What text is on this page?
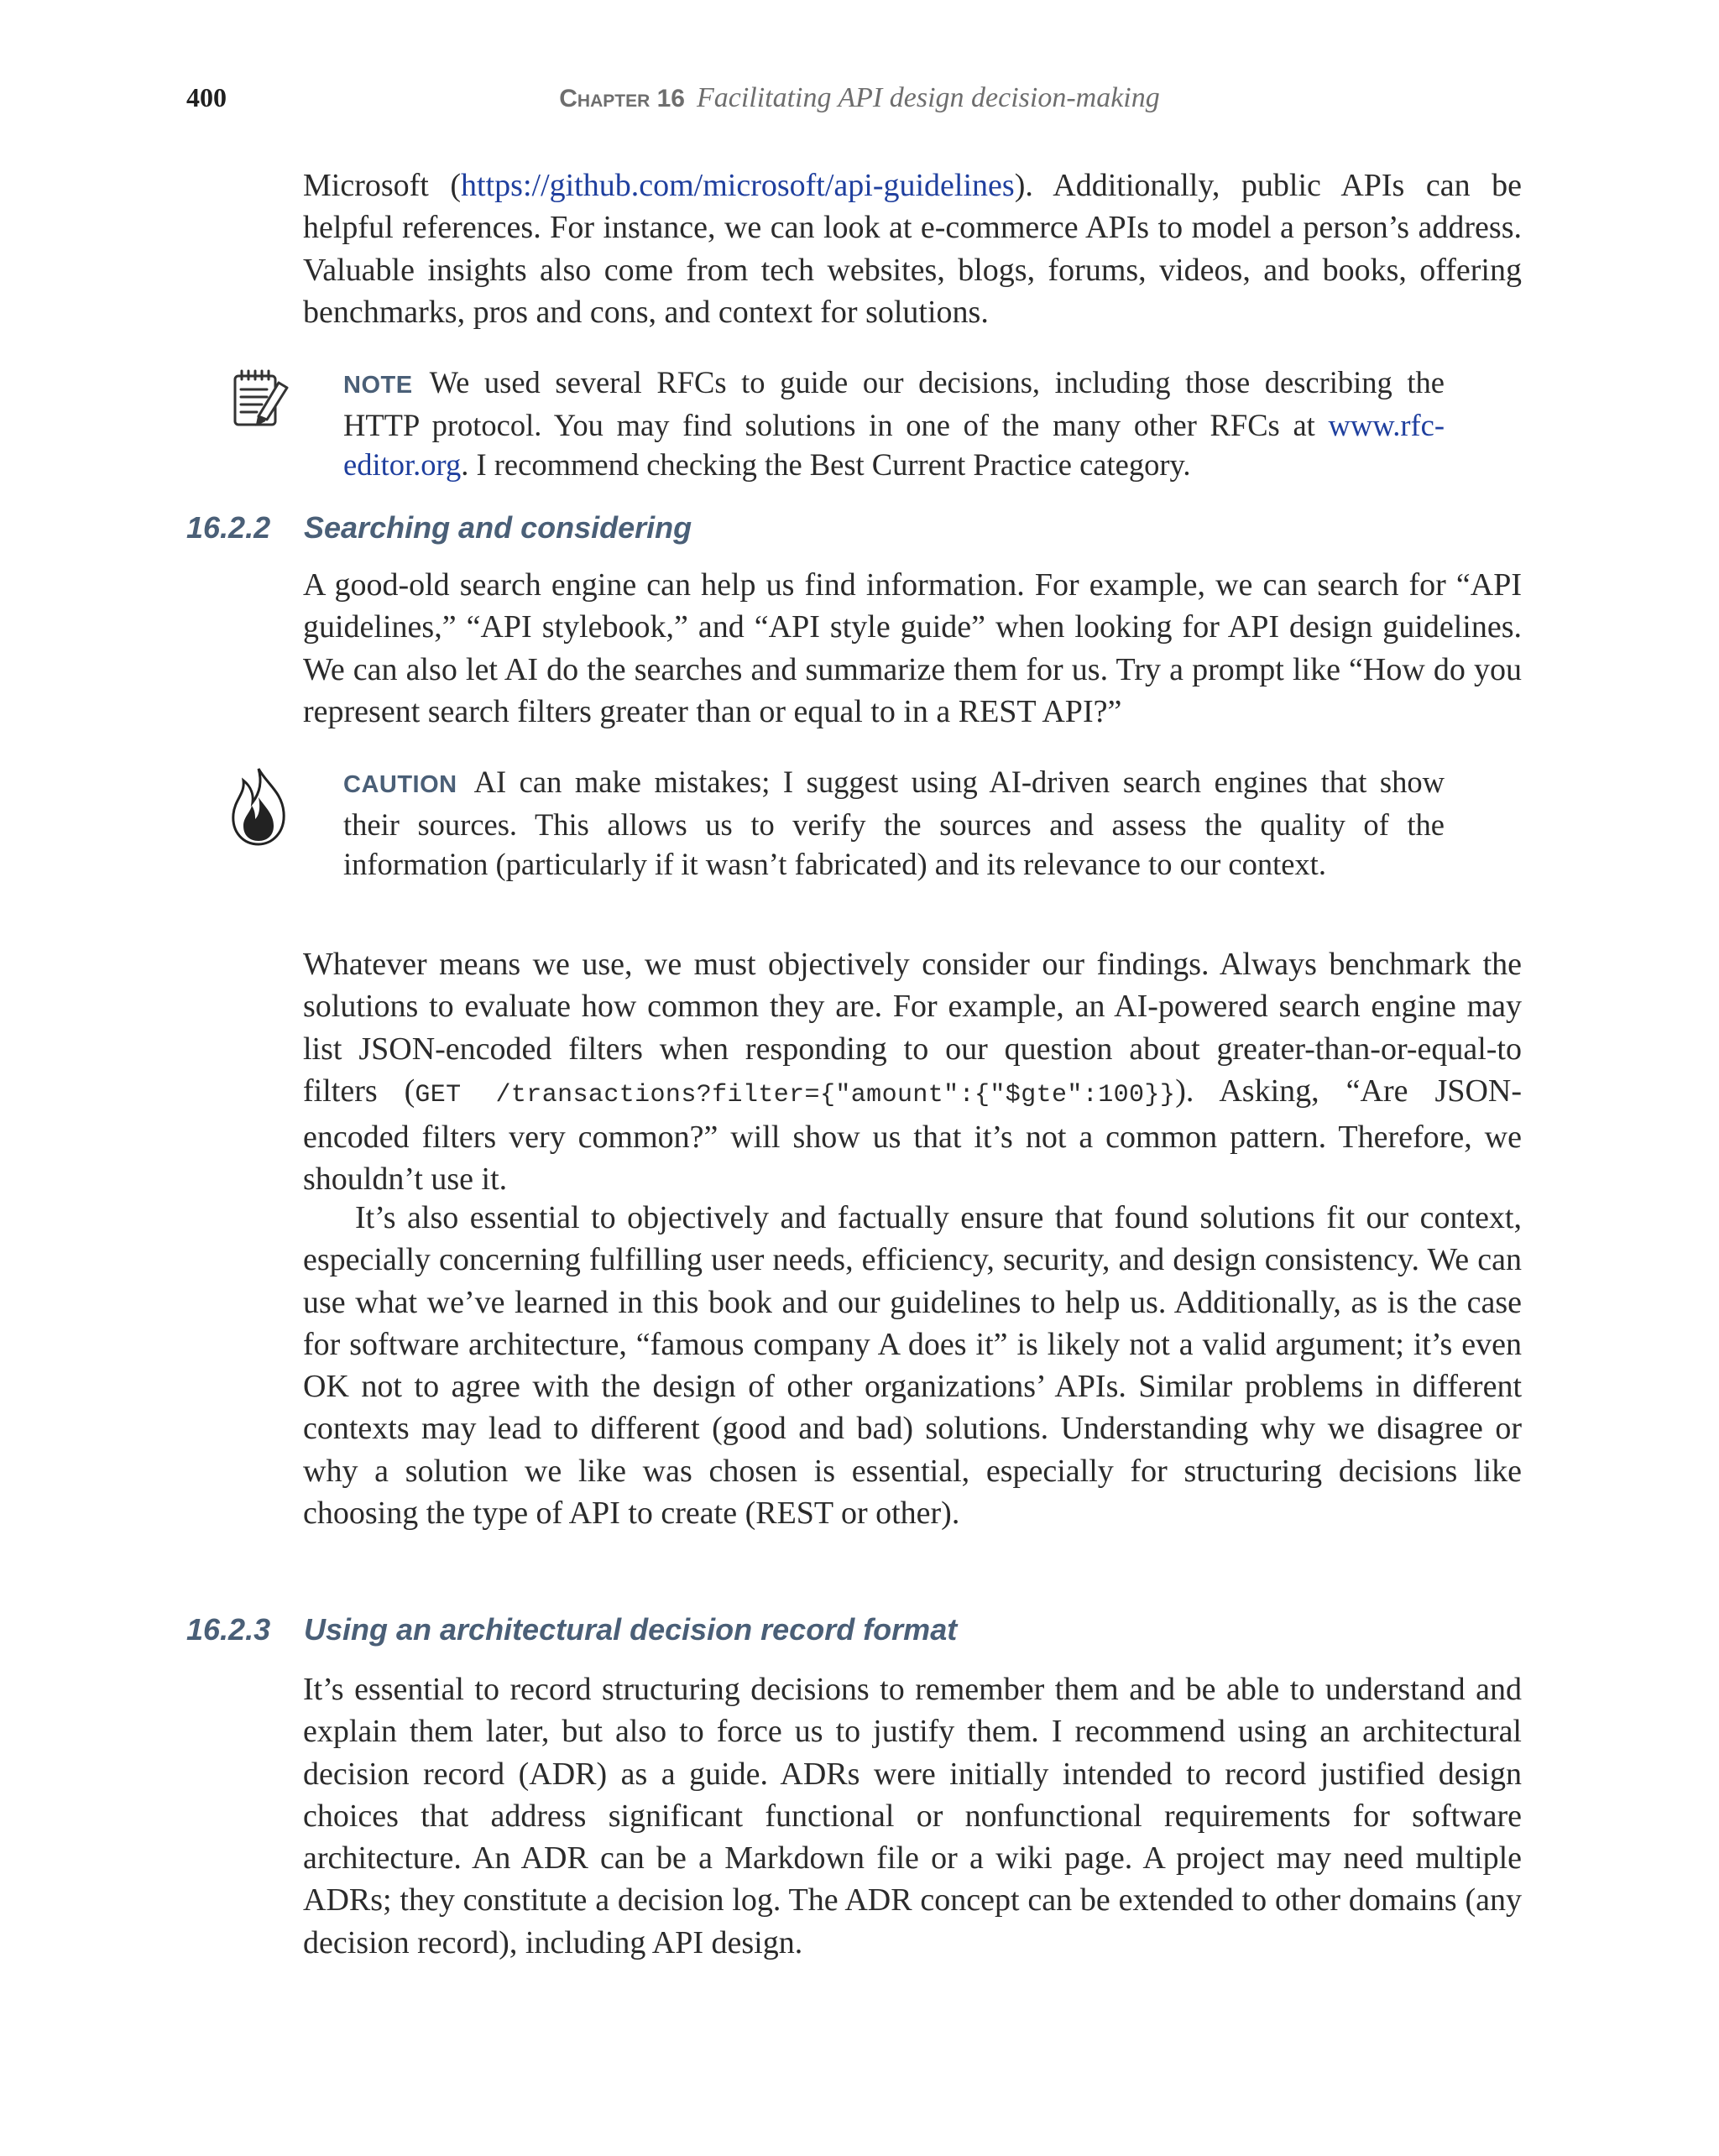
400	Chapter 16 Facilitating API design decision-making

Microsoft (https://github.com/microsoft/api-guidelines). Additionally, public APIs can be helpful references. For instance, we can look at e-commerce APIs to model a person’s address. Valuable insights also come from tech websites, blogs, forums, videos, and books, offering benchmarks, pros and cons, and context for solutions.

NOTE We used several RFCs to guide our decisions, including those describing the HTTP protocol. You may find solutions in one of the many other RFCs at www.rfc-editor.org. I recommend checking the Best Current Practice category.

16.2.2 Searching and considering

A good-old search engine can help us find information. For example, we can search for “API guidelines,” “API stylebook,” and “API style guide” when looking for API design guidelines. We can also let AI do the searches and summarize them for us. Try a prompt like “How do you represent search filters greater than or equal to in a REST API?”

CAUTION AI can make mistakes; I suggest using AI-driven search engines that show their sources. This allows us to verify the sources and assess the quality of the information (particularly if it wasn’t fabricated) and its relevance to our context.

Whatever means we use, we must objectively consider our findings. Always benchmark the solutions to evaluate how common they are. For example, an AI-powered search engine may list JSON-encoded filters when responding to our question about greater-than-or-equal-to filters (GET /transactions?filter={"amount":{"$gte":100}}). Asking, “Are JSON-encoded filters very common?” will show us that it’s not a common pattern. Therefore, we shouldn’t use it.

It’s also essential to objectively and factually ensure that found solutions fit our context, especially concerning fulfilling user needs, efficiency, security, and design consistency. We can use what we’ve learned in this book and our guidelines to help us. Additionally, as is the case for software architecture, “famous company A does it” is likely not a valid argument; it’s even OK not to agree with the design of other organizations’ APIs. Similar problems in different contexts may lead to different (good and bad) solutions. Understanding why we disagree or why a solution we like was chosen is essential, especially for structuring decisions like choosing the type of API to create (REST or other).

16.2.3 Using an architectural decision record format

It’s essential to record structuring decisions to remember them and be able to understand and explain them later, but also to force us to justify them. I recommend using an architectural decision record (ADR) as a guide. ADRs were initially intended to record justified design choices that address significant functional or nonfunctional requirements for software architecture. An ADR can be a Markdown file or a wiki page. A project may need multiple ADRs; they constitute a decision log. The ADR concept can be extended to other domains (any decision record), including API design.
